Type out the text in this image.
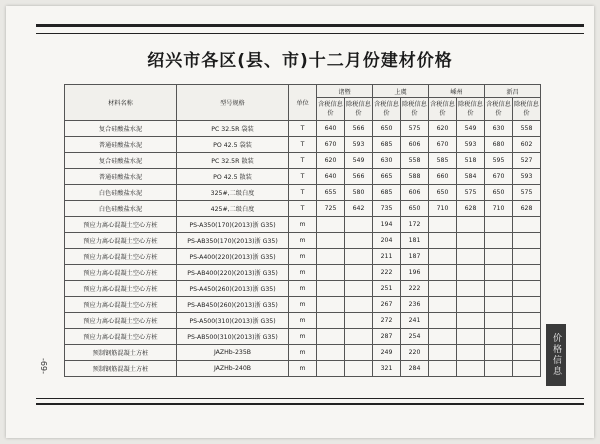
绍兴市各区(县、市)十二月份建材价格
材料名称	型号规格	单位	诸暨		上虞		嵊州		新昌	
			含税信息价	除税信息价	含税信息价	除税信息价	含税信息价	除税信息价	含税信息价	除税信息价
复合硅酸盐水泥	PC 32.5R 袋装	T	640	566	650	575	620	549	630	558
普通硅酸盐水泥	PO 42.5 袋装	T	670	593	685	606	670	593	680	602
复合硅酸盐水泥	PC 32.5R 散装	T	620	549	630	558	585	518	595	527
普通硅酸盐水泥	PO 42.5 散装	T	640	566	665	588	660	584	670	593
白色硅酸盐水泥	325#,二级白度	T	655	580	685	606	650	575	650	575
白色硅酸盐水泥	425#,二级白度	T	725	642	735	650	710	628	710	628
预应力离心混凝土空心方桩	PS-A350(170)(2013)浙 G35)	m			194	172				
预应力离心混凝土空心方桩	PS-AB350(170)(2013)浙 G35)	m			204	181				
预应力离心混凝土空心方桩	PS-A400(220)(2013)浙 G35)	m			211	187				
预应力离心混凝土空心方桩	PS-AB400(220)(2013)浙 G35)	m			222	196				
预应力离心混凝土空心方桩	PS-A450(260)(2013)浙 G35)	m			251	222				
预应力离心混凝土空心方桩	PS-AB450(260)(2013)浙 G35)	m			267	236				
预应力离心混凝土空心方桩	PS-A500(310)(2013)浙 G35)	m			272	241				
预应力离心混凝土空心方桩	PS-AB500(310)(2013)浙 G35)	m			287	254				
预制钢筋混凝土方桩	JAZHb-235B	m			249	220				
预制钢筋混凝土方桩	JAZHb-240B	m			321	284				
-69-	价格信息
